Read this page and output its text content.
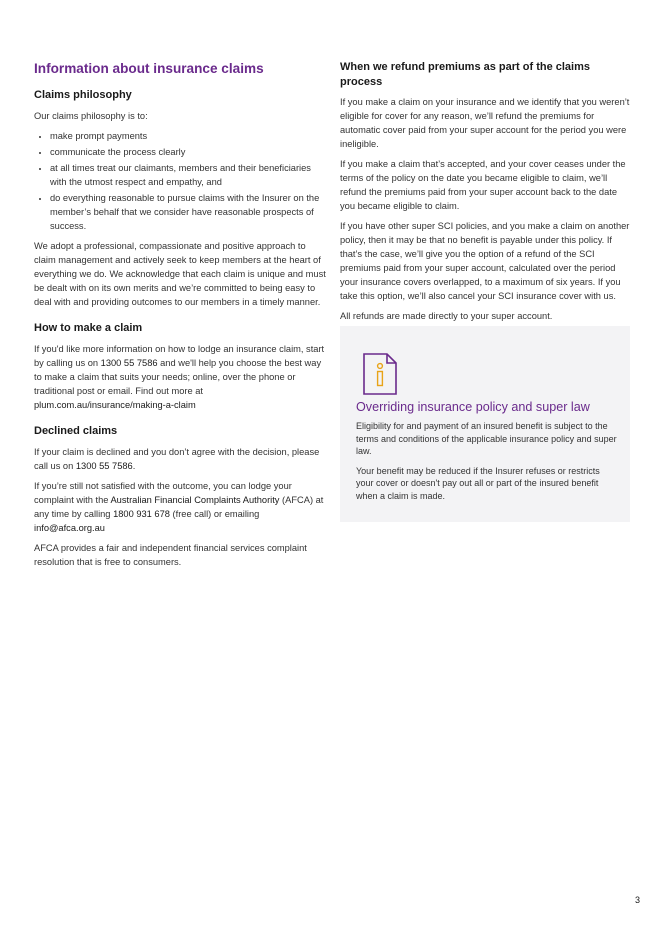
Information about insurance claims
Claims philosophy

Our claims philosophy is to:

• make prompt payments
• communicate the process clearly
• at all times treat our claimants, members and their beneficiaries with the utmost respect and empathy, and
• do everything reasonable to pursue claims with the Insurer on the member’s behalf that we consider have reasonable prospects of success.

We adopt a professional, compassionate and positive approach to claim management and actively seek to keep members at the heart of everything we do. We acknowledge that each claim is unique and must be dealt with on its own merits and we’re committed to being easy to deal with and providing outcomes to our members in a timely manner.

How to make a claim

If you'd like more information on how to lodge an insurance claim, start by calling us on 1300 55 7586 and we'll help you choose the best way to make a claim that suits your needs; online, over the phone or traditional post or email. Find out more at plum.com.au/insurance/making-a-claim

Declined claims

If your claim is declined and you don’t agree with the decision, please call us on 1300 55 7586.

If you’re still not satisfied with the outcome, you can lodge your complaint with the Australian Financial Complaints Authority (AFCA) at any time by calling 1800 931 678 (free call) or emailing info@afca.org.au

AFCA provides a fair and independent financial services complaint resolution that is free to consumers.

When we refund premiums as part of the claims process

If you make a claim on your insurance and we identify that you weren’t eligible for cover for any reason, we’ll refund the premiums for automatic cover paid from your super account for the period you were ineligible.

If you make a claim that’s accepted, and your cover ceases under the terms of the policy on the date you became eligible to claim, we’ll refund the premiums paid from your super account back to the date you became eligible to claim.

If you have other super SCI policies, and you make a claim on another policy, then it may be that no benefit is payable under this policy. If that’s the case, we’ll give you the option of a refund of the SCI premiums paid from your super account, calculated over the period your insurance covers overlapped, to a maximum of six years. If you take this option, we’ll also cancel your SCI insurance cover with us.

All refunds are made directly to your super account.

Overriding insurance policy and super law

Eligibility for and payment of an insured benefit is subject to the terms and conditions of the applicable insurance policy and super law.

Your benefit may be reduced if the Insurer refuses or restricts your cover or doesn't pay out all or part of the insured benefit when a claim is made.

3
